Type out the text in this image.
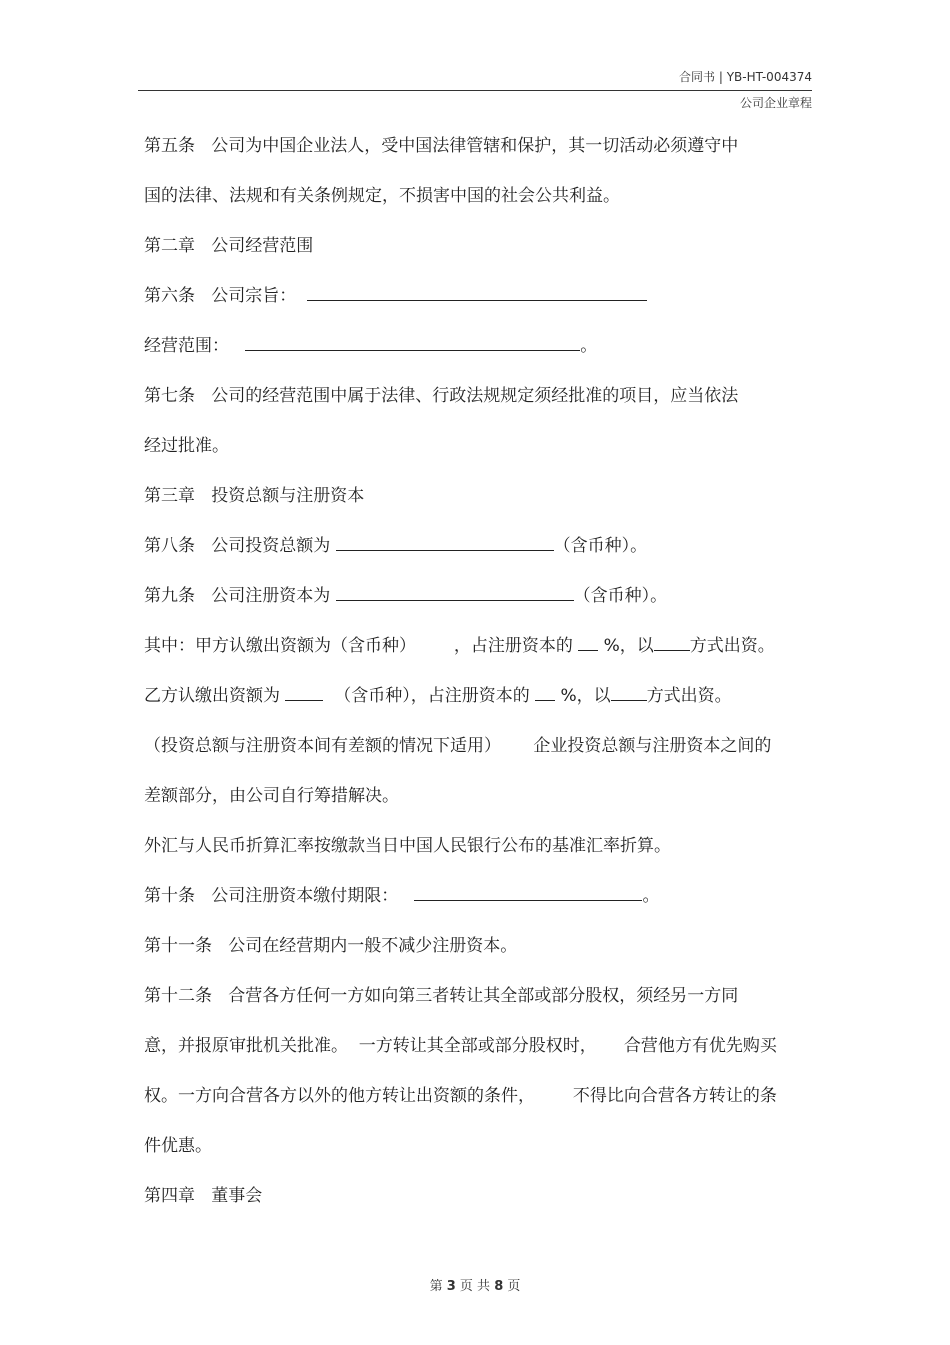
合同书 | YB-HT-004374
公司企业章程
第五条   公司为中国企业法人，受中国法律管辖和保护，其一切活动必须遵守中
国的法律、法规和有关条例规定，不损害中国的社会公共利益。
第二章   公司经营范围
第六条   公司宗旨：
经营范围：	。
第七条   公司的经营范围中属于法律、行政法规规定须经批准的项目，应当依法
经过批准。
第三章   投资总额与注册资本
第八条   公司投资总额为	（含币种）。
第九条   公司注册资本为	（含币种）。
其中：甲方认缴出资额为（含币种）       ，占注册资本的 %，以 方式出资。
乙方认缴出资额为	（含币种），占注册资本的 %，以 方式出资。
（投资总额与注册资本间有差额的情况下适用）      企业投资总额与注册资本之间的
差额部分，由公司自行筹措解决。
外汇与人民币折算汇率按缴款当日中国人民银行公布的基准汇率折算。
第十条   公司注册资本缴付期限：	。
第十一条   公司在经营期内一般不减少注册资本。
第十二条   合营各方任何一方如向第三者转让其全部或部分股权，须经另一方同
意，并报原审批机关批准。  一方转让其全部或部分股权时，     合营他方有优先购买
权。一方向合营各方以外的他方转让出资额的条件，       不得比向合营各方转让的条
件优惠。
第四章   董事会
第 3 页 共 8 页
